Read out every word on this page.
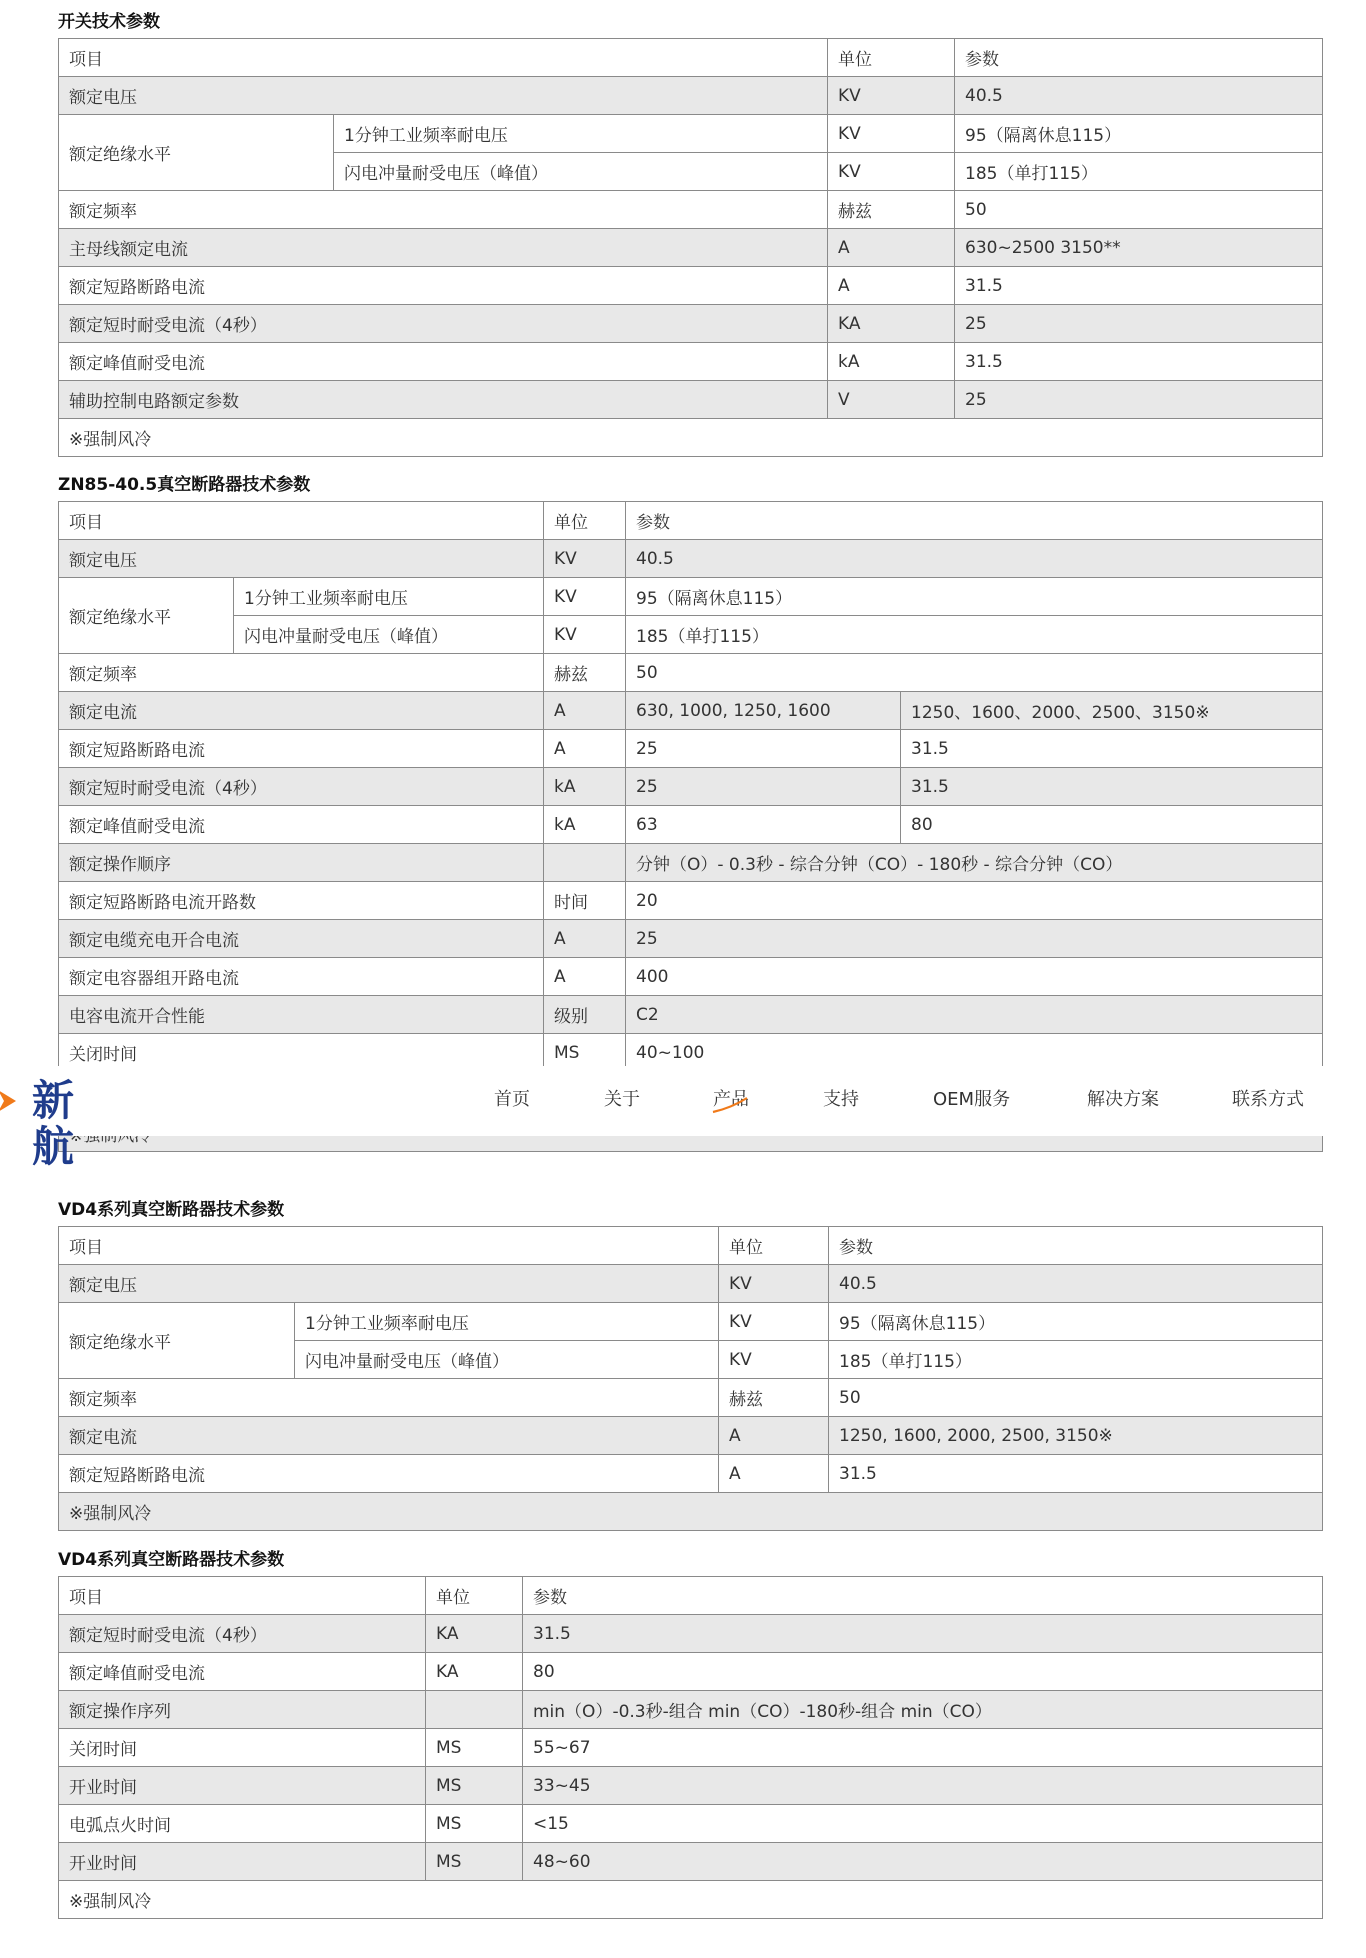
开关技术参数
项目		单位	参数
额定电压		KV	40.5
额定绝缘水平	1分钟工业频率耐电压	KV	95（隔离休息115）
	闪电冲量耐受电压（峰值）	KV	185（单打115）
额定频率		赫兹	50
主母线额定电流		A	630~2500 3150**
额定短路断路电流		A	31.5
额定短时耐受电流（4秒）		KA	25
额定峰值耐受电流		kA	31.5
辅助控制电路额定参数		V	25
※强制风冷			
ZN85-40.5真空断路器技术参数
项目		单位	参数	
额定电压		KV	40.5	
额定绝缘水平	1分钟工业频率耐电压	KV	95（隔离休息115）	
	闪电冲量耐受电压（峰值）	KV	185（单打115）	
额定频率		赫兹	50	
额定电流		A	630, 1000, 1250, 1600	1250、1600、2000、2500、3150※
额定短路断路电流		A	25	31.5
额定短时耐受电流（4秒）		kA	25	31.5
额定峰值耐受电流		kA	63	80
额定操作顺序			分钟（O）- 0.3秒 - 综合分钟（CO）- 180秒 - 综合分钟（CO）	
额定短路断路电流开路数		时间	20	
额定电缆充电开合电流		A	25	
额定电容器组开路电流		A	400	
电容电流开合性能		级别	C2	
关闭时间		MS	40~100	
VD4系列真空断路器技术参数
项目		单位	参数
额定电压		KV	40.5
额定绝缘水平	1分钟工业频率耐电压	KV	95（隔离休息115）
	闪电冲量耐受电压（峰值）	KV	185（单打115）
额定频率		赫兹	50
额定电流		A	1250, 1600, 2000, 2500, 3150※
额定短路断路电流		A	31.5
※强制风冷			
VD4系列真空断路器技术参数
项目	单位	参数
额定短时耐受电流（4秒）	KA	31.5
额定峰值耐受电流	KA	80
额定操作序列		min（O）-0.3秒-组合 min（CO）-180秒-组合 min（CO）
关闭时间	MS	55~67
开业时间	MS	33~45
电弧点火时间	MS	<15
开业时间	MS	48~60
※强制风冷		

新航
首页	关于	产品	支持	OEM服务	解决方案	联系方式
